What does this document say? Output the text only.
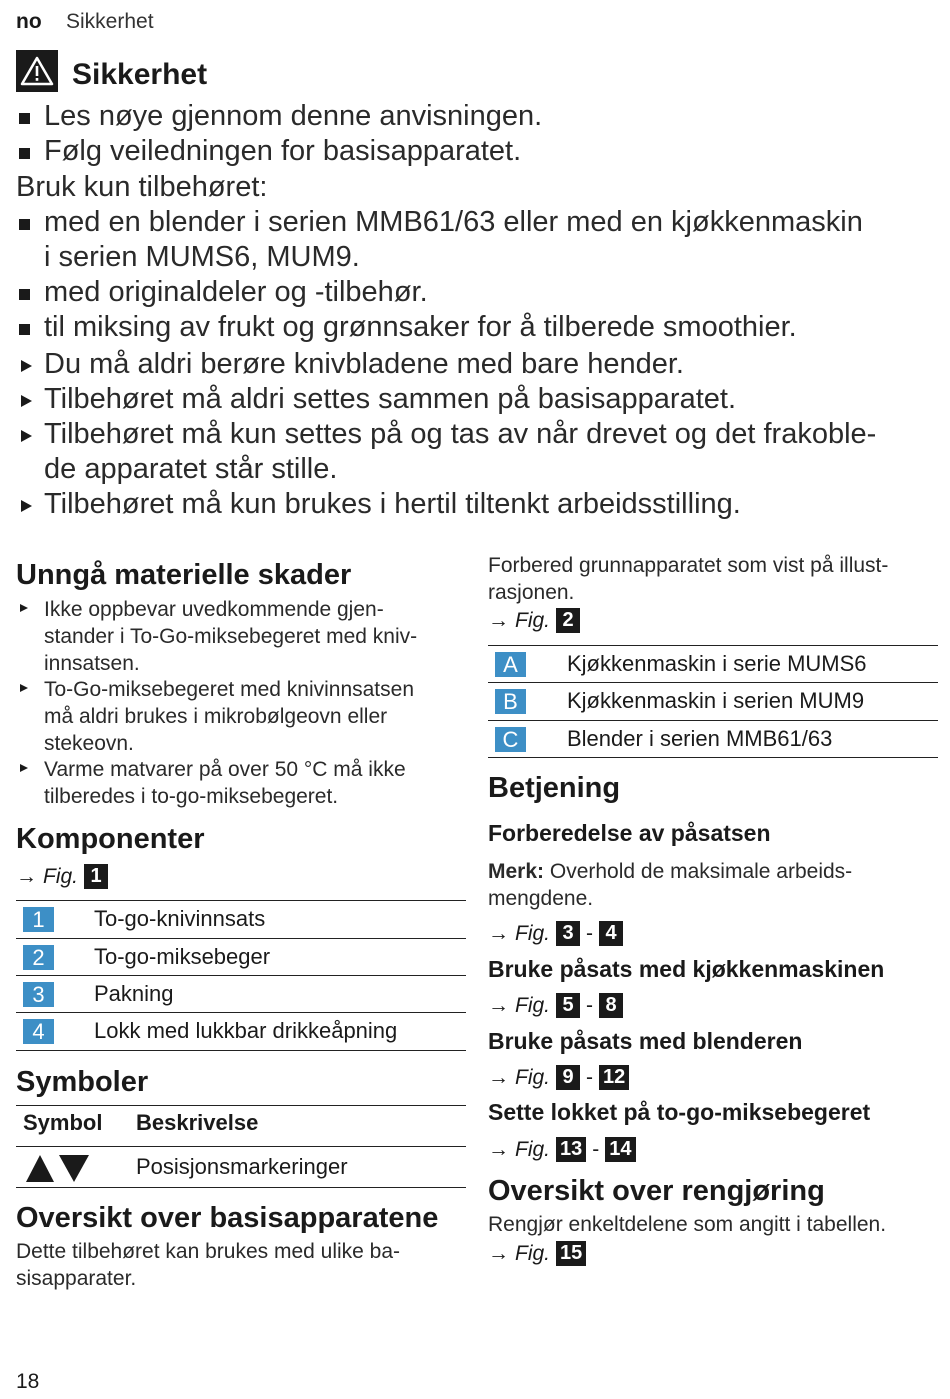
no Sikkerhet
Sikkerhet
Les nøye gjennom denne anvisningen.
Følg veiledningen for basisapparatet.
Bruk kun tilbehøret:
med en blender i serien MMB61/63 eller med en kjøkkenmaskin
i serien MUMS6, MUM9.
med originaldeler og -tilbehør.
til miksing av frukt og grønnsaker for å tilberede smoothier.
Du må aldri berøre knivbladene med bare hender.
Tilbehøret må aldri settes sammen på basisapparatet.
Tilbehøret må kun settes på og tas av når drevet og det frakoble-
de apparatet står stille.
Tilbehøret må kun brukes i hertil tiltenkt arbeidsstilling.
Unngå materielle skader
Ikke oppbevar uvedkommende gjen-
stander i To-Go-miksebegeret med kniv-
innsatsen.
To-Go-miksebegeret med knivinnsatsen
må aldri brukes i mikrobølgeovn eller
stekeovn.
Varme matvarer på over 50 °C må ikke
tilberedes i to-go-miksebegeret.
Komponenter
→ Fig. 1
1	To-go-knivinnsats
2	To-go-miksebeger
3	Pakning
4	Lokk med lukkbar drikkeåpning
Symboler
Symbol Beskrivelse
Posisjonsmarkeringer
Oversikt over basisapparatene
Dette tilbehøret kan brukes med ulike ba-
sisapparater.
Forbered grunnapparatet som vist på illust-
rasjonen.
→ Fig. 2
A	Kjøkkenmaskin i serie MUMS6
B	Kjøkkenmaskin i serien MUM9
C	Blender i serien MMB61/63
Betjening
Forberedelse av påsatsen
Merk: Overhold de maksimale arbeids-
mengdene.
→ Fig. 3 - 4
Bruke påsats med kjøkkenmaskinen
→ Fig. 5 - 8
Bruke påsats med blenderen
→ Fig. 9 - 12
Sette lokket på to-go-miksebegeret
→ Fig. 13 - 14
Oversikt over rengjøring
Rengjør enkeltdelene som angitt i tabellen.
→ Fig. 15
18
